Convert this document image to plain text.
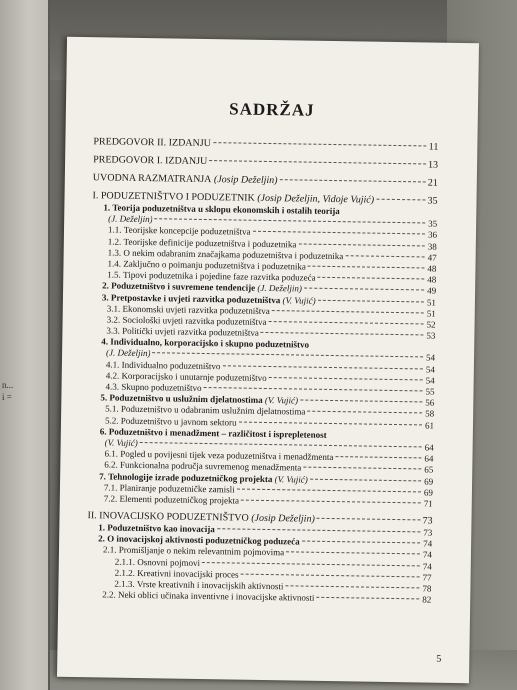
n...
i =
SADRŽAJ
PREDGOVOR II. IZDANJU	11
PREDGOVOR I. IZDANJU	13
UVODNA RAZMATRANJA (Josip Deželjin)	21
I. PODUZETNIŠTVO I PODUZETNIK (Josip Deželjin, Vidoje Vujić)	35
1. Teorija poduzetništva u sklopu ekonomskih i ostalih teorija
(J. Deželjin)	35
1.1. Teorijske koncepcije poduzetništva	36
1.2. Teorijske definicije poduzetništva i poduzetnika	38
1.3. O nekim odabranim značajkama poduzetništva i poduzetnika	47
1.4. Zaključno o poimanju poduzetništva i poduzetnika	48
1.5. Tipovi poduzetnika i pojedine faze razvitka poduzeća	48
2. Poduzetništvo i suvremene tendencije (J. Deželjin)	49
3. Pretpostavke i uvjeti razvitka poduzetništva (V. Vujić)	51
3.1. Ekonomski uvjeti razvitka poduzetništva	51
3.2. Sociološki uvjeti razvitka poduzetništva	52
3.3. Politički uvjeti razvitka poduzetništva	53
4. Individualno, korporacijsko i skupno poduzetništvo
(J. Deželjin)	54
4.1. Individualno poduzetništvo	54
4.2. Korporacijsko i unutarnje poduzetništvo	54
4.3. Skupno poduzetništvo	55
5. Poduzetništvo u uslužnim djelatnostima (V. Vujić)	56
5.1. Poduzetništvo u odabranim uslužnim djelatnostima	58
5.2. Poduzetništvo u javnom sektoru	61
6. Poduzetništvo i menadžment – različitost i isprepletenost
(V. Vujić)	64
6.1. Pogled u povijesni tijek veza poduzetništva i menadžmenta	64
6.2. Funkcionalna područja suvremenog menadžmenta	65
7. Tehnologije izrade poduzetničkog projekta (V. Vujić)	69
7.1. Planiranje poduzetničke zamisli	69
7.2. Elementi poduzetničkog projekta	71
II. INOVACIJSKO PODUZETNIŠTVO (Josip Deželjin)	73
1. Poduzetništvo kao inovacija	73
2. O inovacijskoj aktivnosti poduzetničkog poduzeća	74
2.1. Promišljanje o nekim relevantnim pojmovima	74
2.1.1. Osnovni pojmovi	74
2.1.2. Kreativni inovacijski proces	77
2.1.3. Vrste kreativnih i inovacijskih aktivnosti	78
2.2. Neki oblici učinaka inventivne i inovacijske aktivnosti	82
5
